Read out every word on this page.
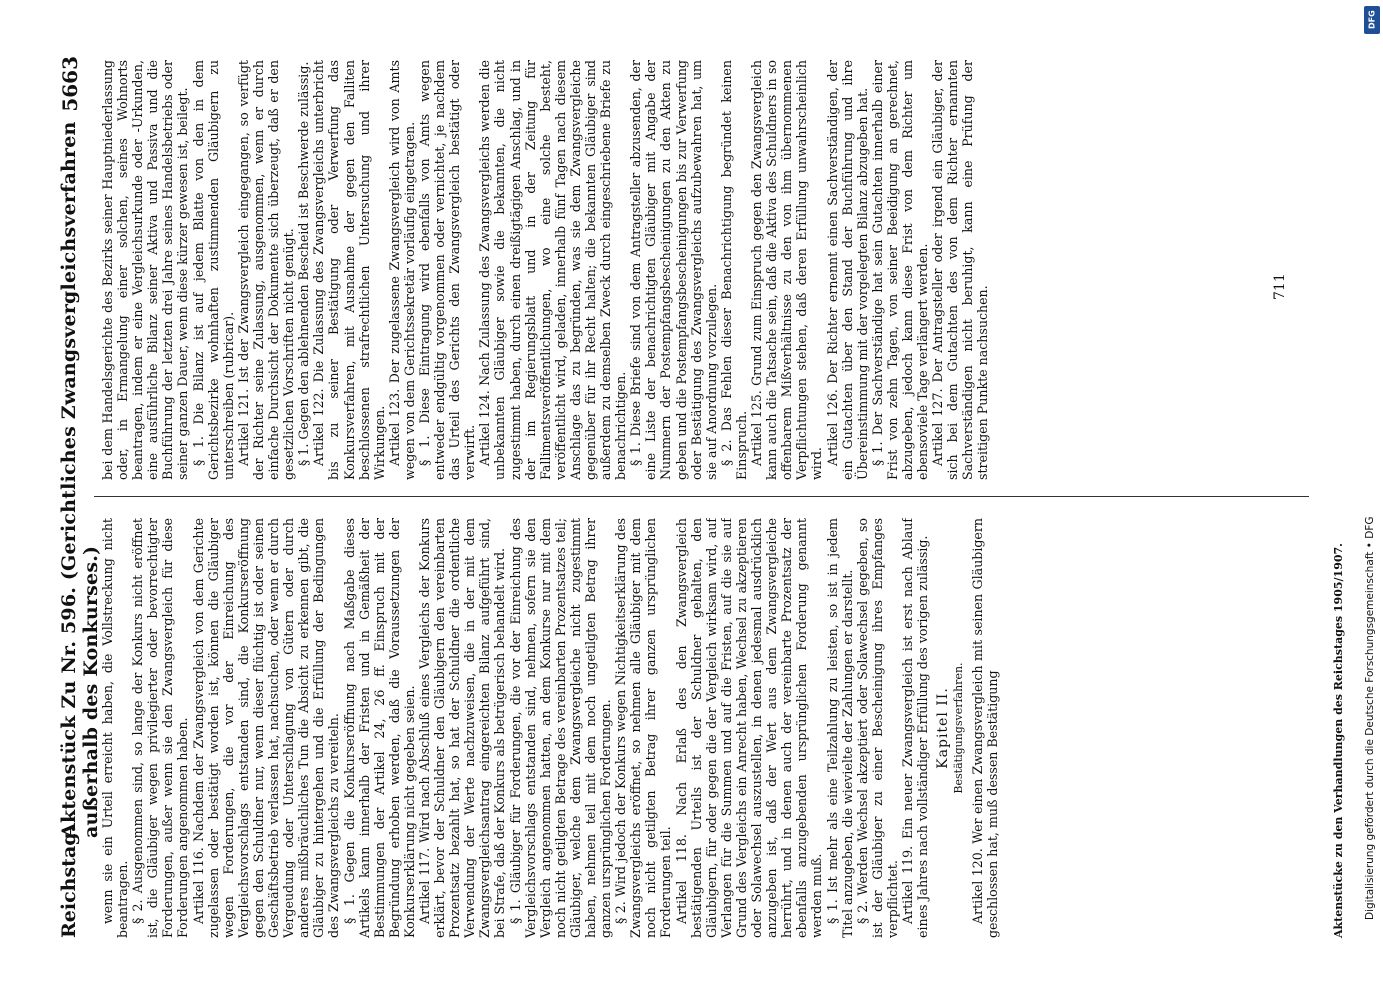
Reichstag.
Aktenstück Zu Nr. 596. (Gerichtliches Zwangsvergleichsverfahren außerhalb des Konkurses.)
5663

wenn sie ein Urteil erreicht haben, die Vollstreckung nicht beantragen. § 2. Ausgenommen sind, so lange der Konkurs nicht eröffnet ist, die Gläubiger wegen privilegierter oder bevorrechtigter Forderungen, außer wenn sie den Zwangsvergleich für diese Forderungen angenommen haben. Artikel 116. Nachdem der Zwangsvergleich von dem Gerichte zugelassen oder bestätigt worden ist, können die Gläubiger wegen Forderungen, die vor der Einreichung des Vergleichsvorschlags entstanden sind, die Konkurseröffnung gegen den Schuldner nur, wenn dieser flüchtig ist oder seinen Geschäftsbetrieb verlassen hat, nachsuchen, oder wenn er durch Vergeudung oder Unterschlagung von Gütern oder durch anderes mißbräuchliches Tun die Absicht zu erkennen gibt, die Gläubiger zu hintergehen und die Erfüllung der Bedingungen des Zwangsvergleichs zu vereiteln. § 1. Gegen die Konkurseröffnung nach Maßgabe dieses Artikels kann innerhalb der Fristen und in Gemäßheit der Bestimmungen der Artikel 24, 26 ff. Einspruch mit der Begründung erhoben werden, daß die Voraussetzungen der Konkurserklärung nicht gegeben seien. Artikel 117. Wird nach Abschluß eines Vergleichs der Konkurs erklärt, bevor der Schuldner den Gläubigern den vereinbarten Prozentsatz bezahlt hat, so hat der Schuldner die ordentliche Verwendung der Werte nachzuweisen, die in der mit dem Zwangsvergleichsantrag eingereichten Bilanz aufgeführt sind, bei Strafe, daß der Konkurs als betrügerisch behandelt wird. § 1. Gläubiger für Forderungen, die vor der Einreichung des Vergleichsvorschlags entstanden sind, nehmen, sofern sie den Vergleich angenommen hatten, an dem Konkurse nur mit dem noch nicht getilgten Betrage des vereinbarten Prozentsatzes teil; Gläubiger, welche dem Zwangsvergleiche nicht zugestimmt haben, nehmen teil mit dem noch ungetilgten Betrag ihrer ganzen ursprünglichen Forderungen. § 2. Wird jedoch der Konkurs wegen Nichtigkeitserklärung des Zwangsvergleichs eröffnet, so nehmen alle Gläubiger mit dem noch nicht getilgten Betrag ihrer ganzen ursprünglichen Forderungen teil. Artikel 118. Nach Erlaß des den Zwangsvergleich bestätigenden Urteils ist der Schuldner gehalten, den Gläubigern, für oder gegen die der Vergleich wirksam wird, auf Verlangen für die Summen und auf die Fristen, auf die sie auf Grund des Vergleichs ein Anrecht haben, Wechsel zu akzeptieren oder Solawechsel auszustellen, in denen jedesmal ausdrücklich anzugeben ist, daß der Wert aus dem Zwangsvergleiche herrührt, und in denen auch der vereinbarte Prozentsatz der ebenfalls anzugebenden ursprünglichen Forderung genannt werden muß. § 1. Ist mehr als eine Teilzahlung zu leisten, so ist in jedem Titel anzugeben, die wievielte der Zahlungen er darstellt. § 2. Werden Wechsel akzeptiert oder Solawechsel gegeben, so ist der Gläubiger zu einer Bescheinigung ihres Empfanges verpflichtet. Artikel 119. Ein neuer Zwangsvergleich ist erst nach Ablauf eines Jahres nach vollständiger Erfüllung des vorigen zulässig. Kapitel II. Bestätigungsverfahren. Artikel 120. Wer einen Zwangsvergleich mit seinen Gläubigern geschlossen hat, muß dessen Bestätigung

bei dem Handelsgerichte des Bezirks seiner Hauptniederlassung oder, in Ermangelung einer solchen, seines Wohnorts beantragen, indem er eine Vergleichsurkunde oder -Urkunden, eine ausführliche Bilanz seiner Aktiva und Passiva und die Buchführung der letzten drei Jahre seines Handelsbetriebs oder seiner ganzen Dauer, wenn diese kürzer gewesen ist, beilegt. § 1. Die Bilanz ist auf jedem Blatte von den in dem Gerichtsbezirke wohnhaften zustimmenden Gläubigern zu unterschreiben (rubricar). Artikel 121. Ist der Zwangsvergleich eingegangen, so verfügt der Richter seine Zulassung, ausgenommen, wenn er durch einfache Durchsicht der Dokumente sich überzeugt, daß er den gesetzlichen Vorschriften nicht genügt. § 1. Gegen den ablehnenden Bescheid ist Beschwerde zulässig. Artikel 122. Die Zulassung des Zwangsvergleichs unterbricht bis zu seiner Bestätigung oder Verwerfung das Konkursverfahren, mit Ausnahme der gegen den Falliten beschlossenen strafrechtlichen Untersuchung und ihrer Wirkungen. Artikel 123. Der zugelassene Zwangsvergleich wird von Amts wegen von dem Gerichtssekretär vorläufig eingetragen. § 1. Diese Eintragung wird ebenfalls von Amts wegen entweder endgültig vorgenommen oder vernichtet, je nachdem das Urteil des Gerichts den Zwangsvergleich bestätigt oder verwirft. Artikel 124. Nach Zulassung des Zwangsvergleichs werden die unbekannten Gläubiger sowie die bekannten, die nicht zugestimmt haben, durch einen dreißigtägigen Anschlag, und in der im Regierungsblatt und in der Zeitung für Fallimentsveröffentlichungen, wo eine solche besteht, veröffentlicht wird, geladen, innerhalb fünf Tagen nach diesem Anschlage das zu begründen, was sie dem Zwangsvergleiche gegenüber für ihr Recht halten; die bekannten Gläubiger sind außerdem zu demselben Zweck durch eingeschriebene Briefe zu benachrichtigen. § 1. Diese Briefe sind von dem Antragsteller abzusenden, der eine Liste der benachrichtigten Gläubiger mit Angabe der Nummern der Postempfangsbescheinigungen zu den Akten zu geben und die Postempfangsbescheinigungen bis zur Verwerfung oder Bestätigung des Zwangsvergleichs aufzubewahren hat, um sie auf Anordnung vorzulegen. § 2. Das Fehlen dieser Benachrichtigung begründet keinen Einspruch. Artikel 125. Grund zum Einspruch gegen den Zwangsvergleich kann auch die Tatsache sein, daß die Aktiva des Schuldners in so offenbarem Mißverhältnisse zu den von ihm übernommenen Verpflichtungen stehen, daß deren Erfüllung unwahrscheinlich wird. Artikel 126. Der Richter ernennt einen Sachverständigen, der ein Gutachten über den Stand der Buchführung und ihre Übereinstimmung mit der vorgelegten Bilanz abzugeben hat. § 1. Der Sachverständige hat sein Gutachten innerhalb einer Frist von zehn Tagen, von seiner Beeidigung an gerechnet, abzugeben, jedoch kann diese Frist von dem Richter um ebensoviele Tage verlängert werden. Artikel 127. Der Antragsteller oder irgend ein Gläubiger, der sich bei dem Gutachten des von dem Richter ernannten Sachverständigen nicht beruhigt, kann eine Prüfung der streitigen Punkte nachsuchen.

Aktenstücke zu den Verhandlungen des Reichstages 1905/1907.
711
DFG
Digitalisierung gefördert durch die Deutsche Forschungsgemeinschaft • DFG
